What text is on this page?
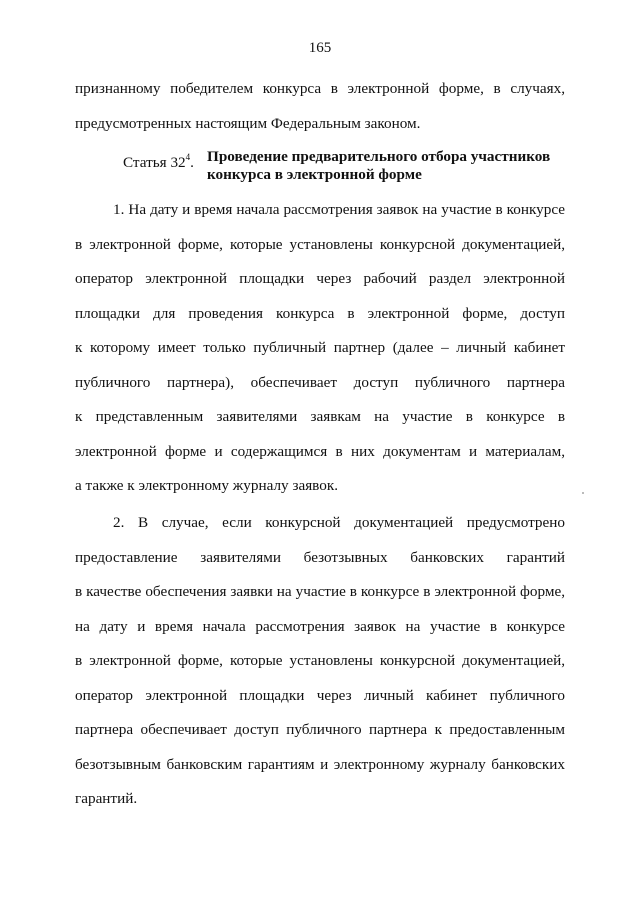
165
признанному победителем конкурса в электронной форме, в случаях,
предусмотренных настоящим Федеральным законом.
Статья $32^4$. Проведение предварительного отбора участников
конкурса в электронной форме
1. На дату и время начала рассмотрения заявок на участие в конкурсе
в электронной форме, которые установлены конкурсной документацией,
оператор электронной площадки через рабочий раздел электронной
площадки для проведения конкурса в электронной форме, доступ
к которому имеет только публичный партнер (далее – личный кабинет
публичного партнера), обеспечивает доступ публичного партнера
к представленным заявителями заявкам на участие в конкурсе в
электронной форме и содержащимся в них документам и материалам,
а также к электронному журналу заявок.
2. В случае, если конкурсной документацией предусмотрено
предоставление заявителями безотзывных банковских гарантий
в качестве обеспечения заявки на участие в конкурсе в электронной форме,
на дату и время начала рассмотрения заявок на участие в конкурсе
в электронной форме, которые установлены конкурсной документацией,
оператор электронной площадки через личный кабинет публичного
партнера обеспечивает доступ публичного партнера к предоставленным
безотзывным банковским гарантиям и электронному журналу банковских
гарантий.
